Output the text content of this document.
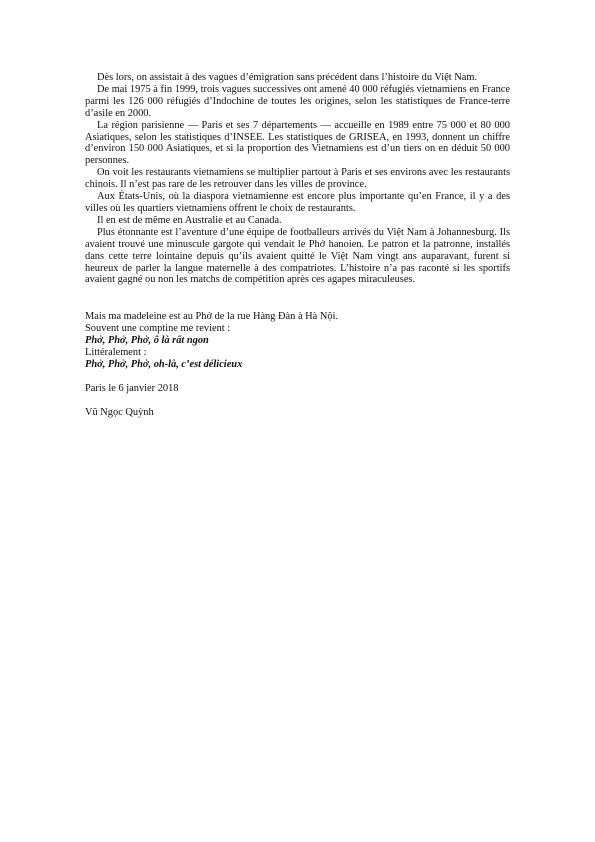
Dès lors, on assistait à des vagues d’émigration sans précédent dans l’histoire du Việt Nam.

De mai 1975 à fin 1999, trois vagues successives ont amené 40 000 réfugiés vietnamiens en France parmi les 126 000 réfugiés d’Indochine de toutes les origines, selon les statistiques de France-terre d’asile en 2000.

La région parisienne — Paris et ses 7 départements — accueille en 1989 entre 75 000 et 80 000 Asiatiques, selon les statistiques d’INSEE. Les statistiques de GRISEA, en 1993, donnent un chiffre d’environ 150 000 Asiatiques, et si la proportion des Vietnamiens est d’un tiers on en déduit 50 000 personnes.

On voit les restaurants vietnamiens se multiplier partout à Paris et ses environs avec les restaurants chinois. Il n’est pas rare de les retrouver dans les villes de province.

Aux États-Unis, où la diaspora vietnamienne est encore plus importante qu’en France, il y a des villes où les quartiers vietnamiens offrent le choix de restaurants.

Il en est de même en Australie et au Canada.

Plus étonnante est l’aventure d’une équipe de footballeurs arrivés du Việt Nam à Johannesburg. Ils avaient trouvé une minuscule gargote qui vendait le Phở hanoien. Le patron et la patronne, installés dans cette terre lointaine depuis qu’ils avaient quitté le Việt Nam vingt ans auparavant, furent si heureux de parler la langue maternelle à des compatriotes. L’histoire n’a pas raconté si les sportifs avaient gagné ou non les matchs de compétition après ces agapes miraculeuses.

Mais ma madeleine est au Phở de la rue Hàng Đàn à Hà Nội.
Souvent une comptine me revient :
Phở, Phở, Phở, ô là rất ngon
Littéralement :
Phở, Phở, Phở, oh-là, c’est délicieux
Paris le 6 janvier 2018
Vũ Ngọc Quỳnh
